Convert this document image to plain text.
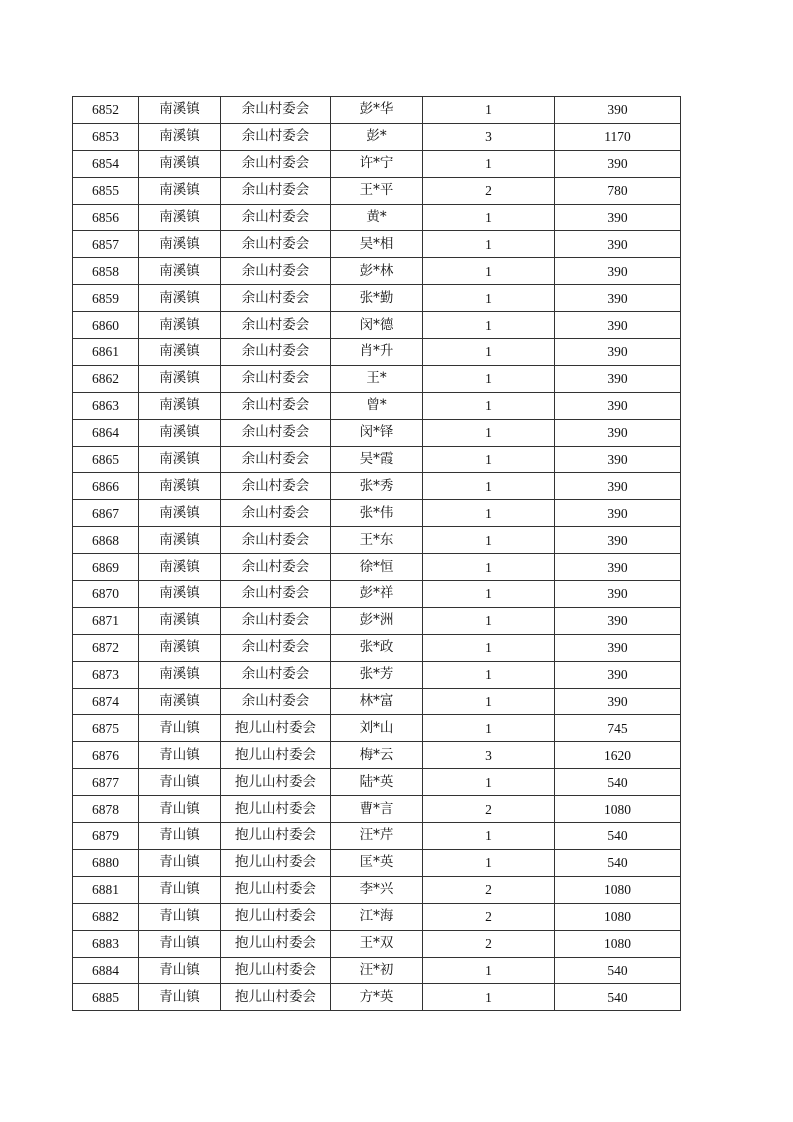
6852	南溪镇	余山村委会	彭*华	1	390
6853	南溪镇	余山村委会	彭*	3	1170
6854	南溪镇	余山村委会	许*宁	1	390
6855	南溪镇	余山村委会	王*平	2	780
6856	南溪镇	余山村委会	黄*	1	390
6857	南溪镇	余山村委会	吴*相	1	390
6858	南溪镇	余山村委会	彭*林	1	390
6859	南溪镇	余山村委会	张*勤	1	390
6860	南溪镇	余山村委会	闵*德	1	390
6861	南溪镇	余山村委会	肖*升	1	390
6862	南溪镇	余山村委会	王*	1	390
6863	南溪镇	余山村委会	曾*	1	390
6864	南溪镇	余山村委会	闵*铎	1	390
6865	南溪镇	余山村委会	吴*霞	1	390
6866	南溪镇	余山村委会	张*秀	1	390
6867	南溪镇	余山村委会	张*伟	1	390
6868	南溪镇	余山村委会	王*东	1	390
6869	南溪镇	余山村委会	徐*恒	1	390
6870	南溪镇	余山村委会	彭*祥	1	390
6871	南溪镇	余山村委会	彭*洲	1	390
6872	南溪镇	余山村委会	张*政	1	390
6873	南溪镇	余山村委会	张*芳	1	390
6874	南溪镇	余山村委会	林*富	1	390
6875	青山镇	抱儿山村委会	刘*山	1	745
6876	青山镇	抱儿山村委会	梅*云	3	1620
6877	青山镇	抱儿山村委会	陆*英	1	540
6878	青山镇	抱儿山村委会	曹*言	2	1080
6879	青山镇	抱儿山村委会	汪*芹	1	540
6880	青山镇	抱儿山村委会	匡*英	1	540
6881	青山镇	抱儿山村委会	李*兴	2	1080
6882	青山镇	抱儿山村委会	江*海	2	1080
6883	青山镇	抱儿山村委会	王*双	2	1080
6884	青山镇	抱儿山村委会	汪*初	1	540
6885	青山镇	抱儿山村委会	方*英	1	540
